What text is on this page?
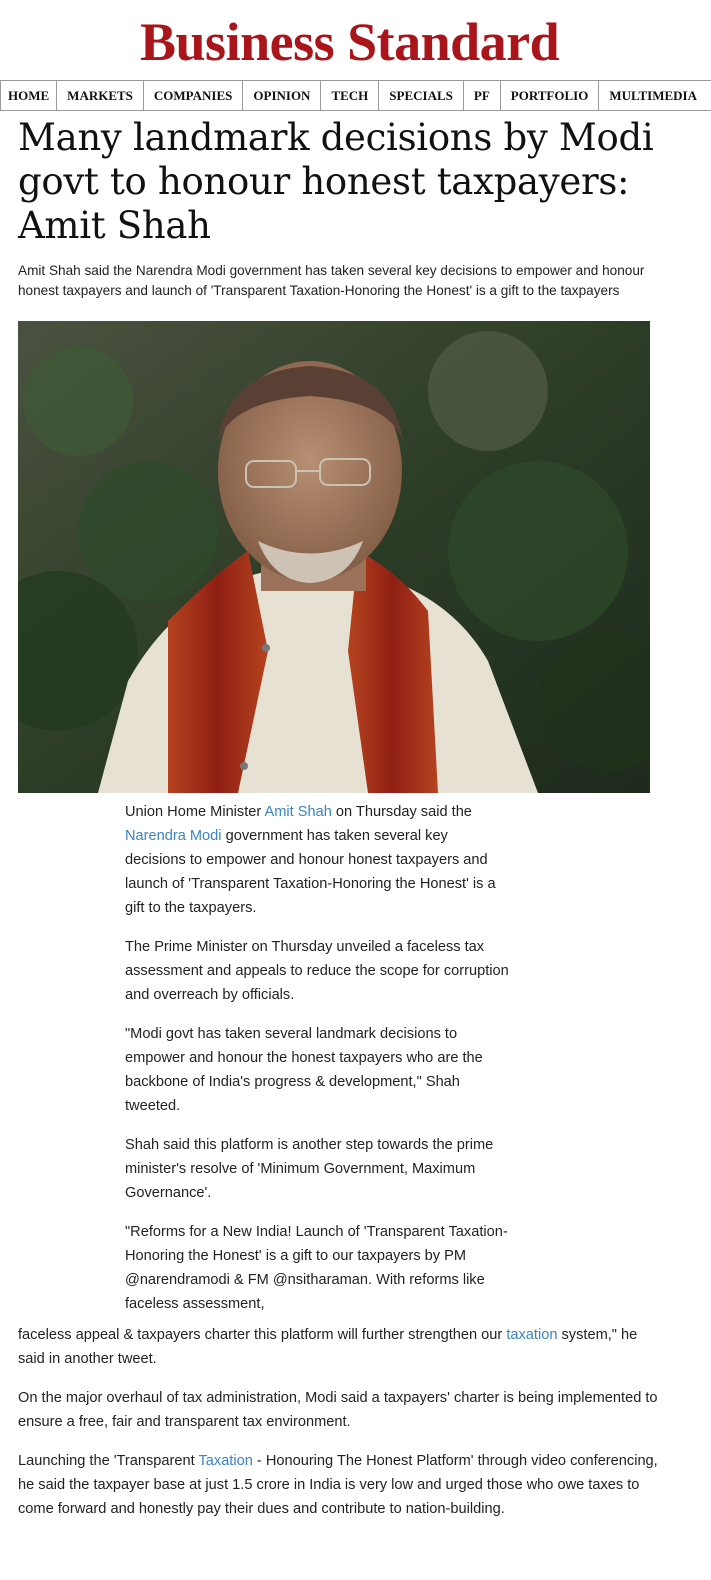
Business Standard
HOME	MARKETS	COMPANIES	OPINION	TECH	SPECIALS	PF	PORTFOLIO	MULTIMEDIA
Many landmark decisions by Modi govt to honour honest taxpayers: Amit Shah

Amit Shah said the Narendra Modi government has taken several key decisions to empower and honour honest taxpayers and launch of 'Transparent Taxation-Honoring the Honest' is a gift to the taxpayers

Union Home Minister Amit Shah on Thursday said the Narendra Modi government has taken several key decisions to empower and honour honest taxpayers and launch of 'Transparent Taxation-Honoring the Honest' is a gift to the taxpayers.

The Prime Minister on Thursday unveiled a faceless tax assessment and appeals to reduce the scope for corruption and overreach by officials.

"Modi govt has taken several landmark decisions to empower and honour the honest taxpayers who are the backbone of India's progress & development," Shah tweeted.

Shah said this platform is another step towards the prime minister's resolve of 'Minimum Government, Maximum Governance'.

"Reforms for a New India! Launch of 'Transparent Taxation-Honoring the Honest' is a gift to our taxpayers by PM @narendramodi & FM @nsitharaman. With reforms like faceless assessment,

faceless appeal & taxpayers charter this platform will further strengthen our taxation system," he said in another tweet.

On the major overhaul of tax administration, Modi said a taxpayers' charter is being implemented to ensure a free, fair and transparent tax environment.

Launching the 'Transparent Taxation - Honouring The Honest Platform' through video conferencing, he said the taxpayer base at just 1.5 crore in India is very low and urged those who owe taxes to come forward and honestly pay their dues and contribute to nation-building.
